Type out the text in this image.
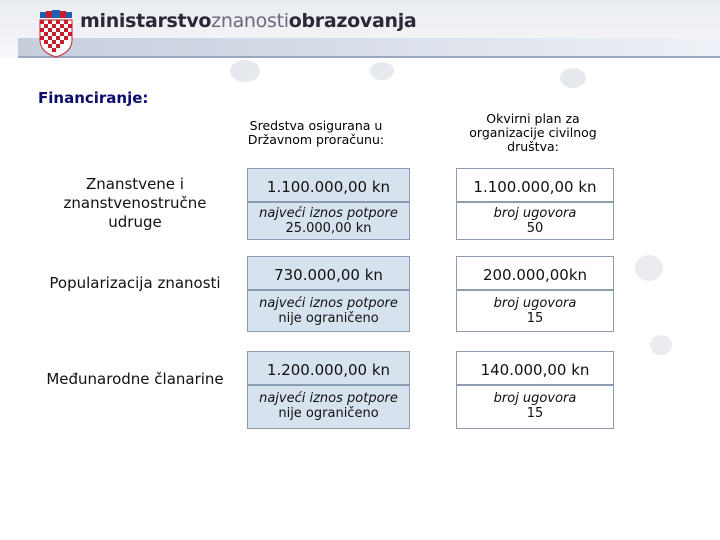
ministarstvoznanostiobrazovanja
Financiranje:
Sredstva osigurana u Državnom proračunu:
Okvirni plan za organizacije civilnog društva:
Znanstvene i znanstvenostručne udruge
1.100.000,00 kn
najveći iznos potpore
25.000,00 kn
1.100.000,00 kn
broj ugovora
50
Popularizacija znanosti	730.000,00 kn
najveći iznos potpore
nije ograničeno
200.000,00kn
broj ugovora
15
Međunarodne članarine	1.200.000,00 kn
najveći iznos potpore
nije ograničeno
140.000,00 kn
broj ugovora
15
